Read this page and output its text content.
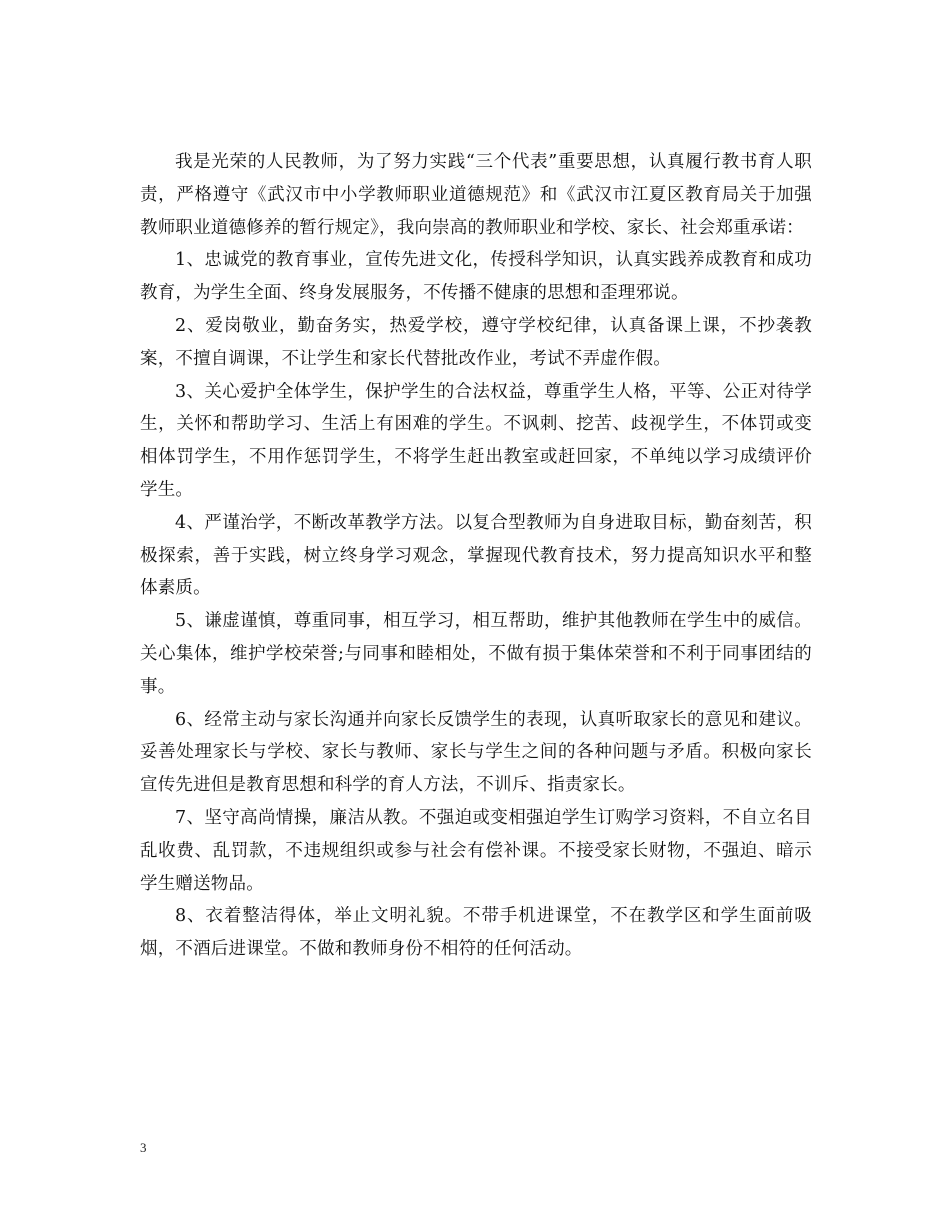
我是光荣的人民教师，为了努力实践“三个代表”重要思想，认真履行教书育人职责，严格遵守《武汉市中小学教师职业道德规范》和《武汉市江夏区教育局关于加强教师职业道德修养的暂行规定》，我向崇高的教师职业和学校、家长、社会郑重承诺：

1、忠诚党的教育事业，宣传先进文化，传授科学知识，认真实践养成教育和成功教育，为学生全面、终身发展服务，不传播不健康的思想和歪理邪说。

2、爱岗敬业，勤奋务实，热爱学校，遵守学校纪律，认真备课上课，不抄袭教案，不擅自调课，不让学生和家长代替批改作业，考试不弄虚作假。

3、关心爱护全体学生，保护学生的合法权益，尊重学生人格，平等、公正对待学生，关怀和帮助学习、生活上有困难的学生。不讽刺、挖苦、歧视学生，不体罚或变相体罚学生，不用作惩罚学生，不将学生赶出教室或赶回家，不单纯以学习成绩评价学生。

4、严谨治学，不断改革教学方法。以复合型教师为自身进取目标，勤奋刻苦，积极探索，善于实践，树立终身学习观念，掌握现代教育技术，努力提高知识水平和整体素质。

5、谦虚谨慎，尊重同事，相互学习，相互帮助，维护其他教师在学生中的威信。关心集体，维护学校荣誉;与同事和睦相处，不做有损于集体荣誉和不利于同事团结的事。

6、经常主动与家长沟通并向家长反馈学生的表现，认真听取家长的意见和建议。妥善处理家长与学校、家长与教师、家长与学生之间的各种问题与矛盾。积极向家长宣传先进但是教育思想和科学的育人方法，不训斥、指责家长。

7、坚守高尚情操，廉洁从教。不强迫或变相强迫学生订购学习资料，不自立名目乱收费、乱罚款，不违规组织或参与社会有偿补课。不接受家长财物，不强迫、暗示学生赠送物品。

8、衣着整洁得体，举止文明礼貌。不带手机进课堂，不在教学区和学生面前吸烟，不酒后进课堂。不做和教师身份不相符的任何活动。

3
